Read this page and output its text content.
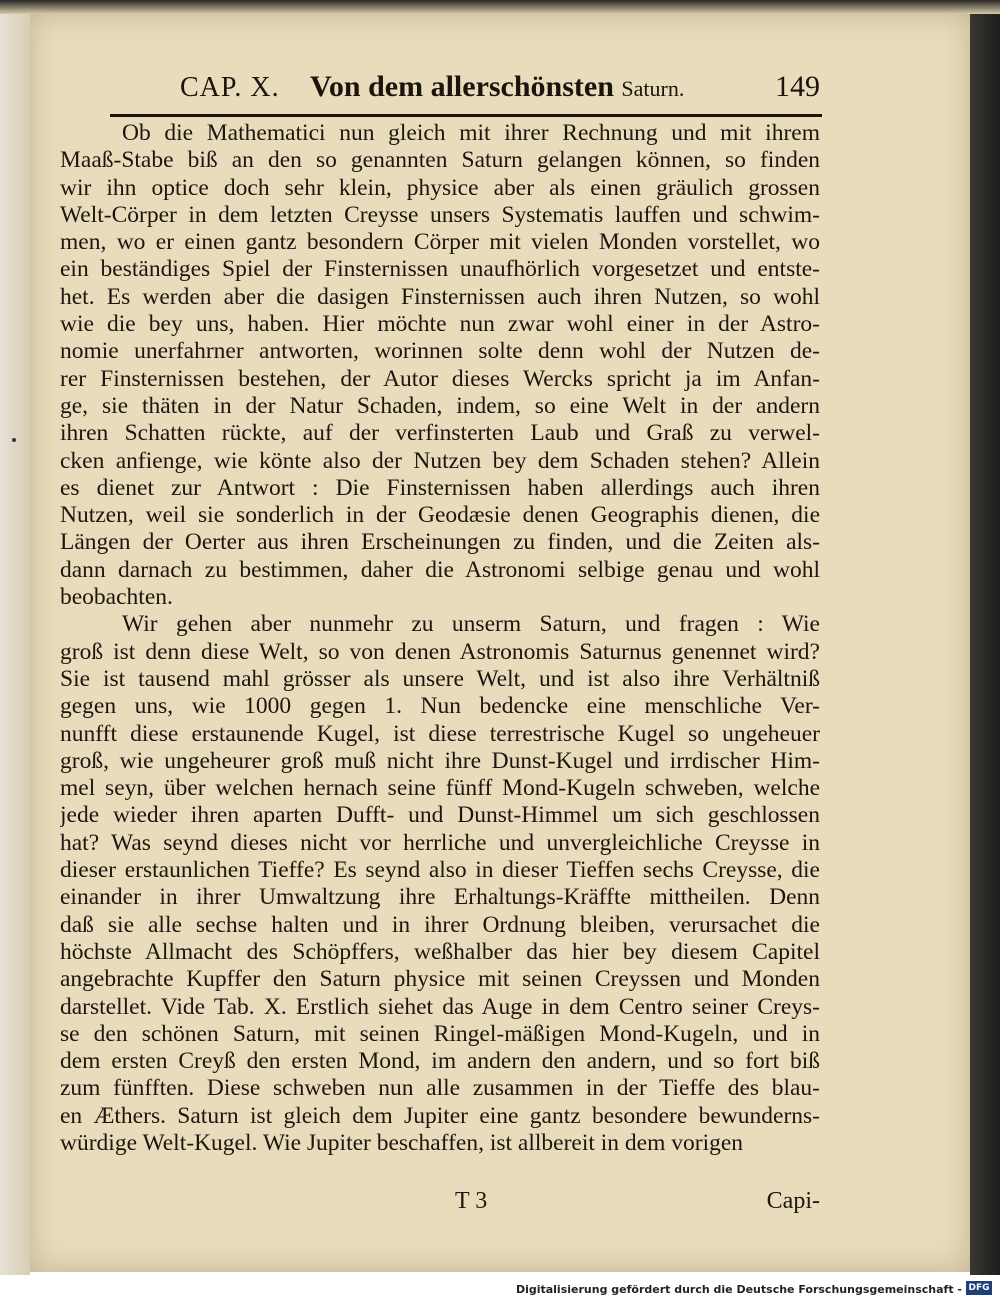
CAP. X. Von dem allerschönsten Saturn.	149
Ob die Mathematici nun gleich mit ihrer Rechnung und mit ihrem
Maaß-Stabe biß an den so genannten Saturn gelangen können, so finden
wir ihn optice doch sehr klein, physice aber als einen gräulich grossen
Welt-Cörper in dem letzten Creysse unsers Systematis lauffen und schwim-
men, wo er einen gantz besondern Cörper mit vielen Monden vorstellet, wo
ein beständiges Spiel der Finsternissen unaufhörlich vorgesetzet und entste-
het. Es werden aber die dasigen Finsternissen auch ihren Nutzen, so wohl
wie die bey uns, haben. Hier möchte nun zwar wohl einer in der Astro-
nomie unerfahrner antworten, worinnen solte denn wohl der Nutzen de-
rer Finsternissen bestehen, der Autor dieses Wercks spricht ja im Anfan-
ge, sie thäten in der Natur Schaden, indem, so eine Welt in der andern
ihren Schatten rückte, auf der verfinsterten Laub und Graß zu verwel-
cken anfienge, wie könte also der Nutzen bey dem Schaden stehen? Allein
es dienet zur Antwort : Die Finsternissen haben allerdings auch ihren
Nutzen, weil sie sonderlich in der Geodæsie denen Geographis dienen, die
Längen der Oerter aus ihren Erscheinungen zu finden, und die Zeiten als-
dann darnach zu bestimmen, daher die Astronomi selbige genau und wohl
beobachten.
Wir gehen aber nunmehr zu unserm Saturn, und fragen : Wie
groß ist denn diese Welt, so von denen Astronomis Saturnus genennet wird?
Sie ist tausend mahl grösser als unsere Welt, und ist also ihre Verhältniß
gegen uns, wie 1000 gegen 1. Nun bedencke eine menschliche Ver-
nunfft diese erstaunende Kugel, ist diese terrestrische Kugel so ungeheuer
groß, wie ungeheurer groß muß nicht ihre Dunst-Kugel und irrdischer Him-
mel seyn, über welchen hernach seine fünff Mond-Kugeln schweben, welche
jede wieder ihren aparten Dufft- und Dunst-Himmel um sich geschlossen
hat? Was seynd dieses nicht vor herrliche und unvergleichliche Creysse in
dieser erstaunlichen Tieffe? Es seynd also in dieser Tieffen sechs Creysse, die
einander in ihrer Umwaltzung ihre Erhaltungs-Kräffte mittheilen. Denn
daß sie alle sechse halten und in ihrer Ordnung bleiben, verursachet die
höchste Allmacht des Schöpffers, weßhalber das hier bey diesem Capitel
angebrachte Kupffer den Saturn physice mit seinen Creyssen und Monden
darstellet. Vide Tab. X. Erstlich siehet das Auge in dem Centro seiner Creys-
se den schönen Saturn, mit seinen Ringel-mäßigen Mond-Kugeln, und in
dem ersten Creyß den ersten Mond, im andern den andern, und so fort biß
zum fünfften. Diese schweben nun alle zusammen in der Tieffe des blau-
en Æthers. Saturn ist gleich dem Jupiter eine gantz besondere bewunderns-
würdige Welt-Kugel. Wie Jupiter beschaffen, ist allbereit in dem vorigen
T 3	Capi-
Digitalisierung gefördert durch die Deutsche Forschungsgemeinschaft - DFG
